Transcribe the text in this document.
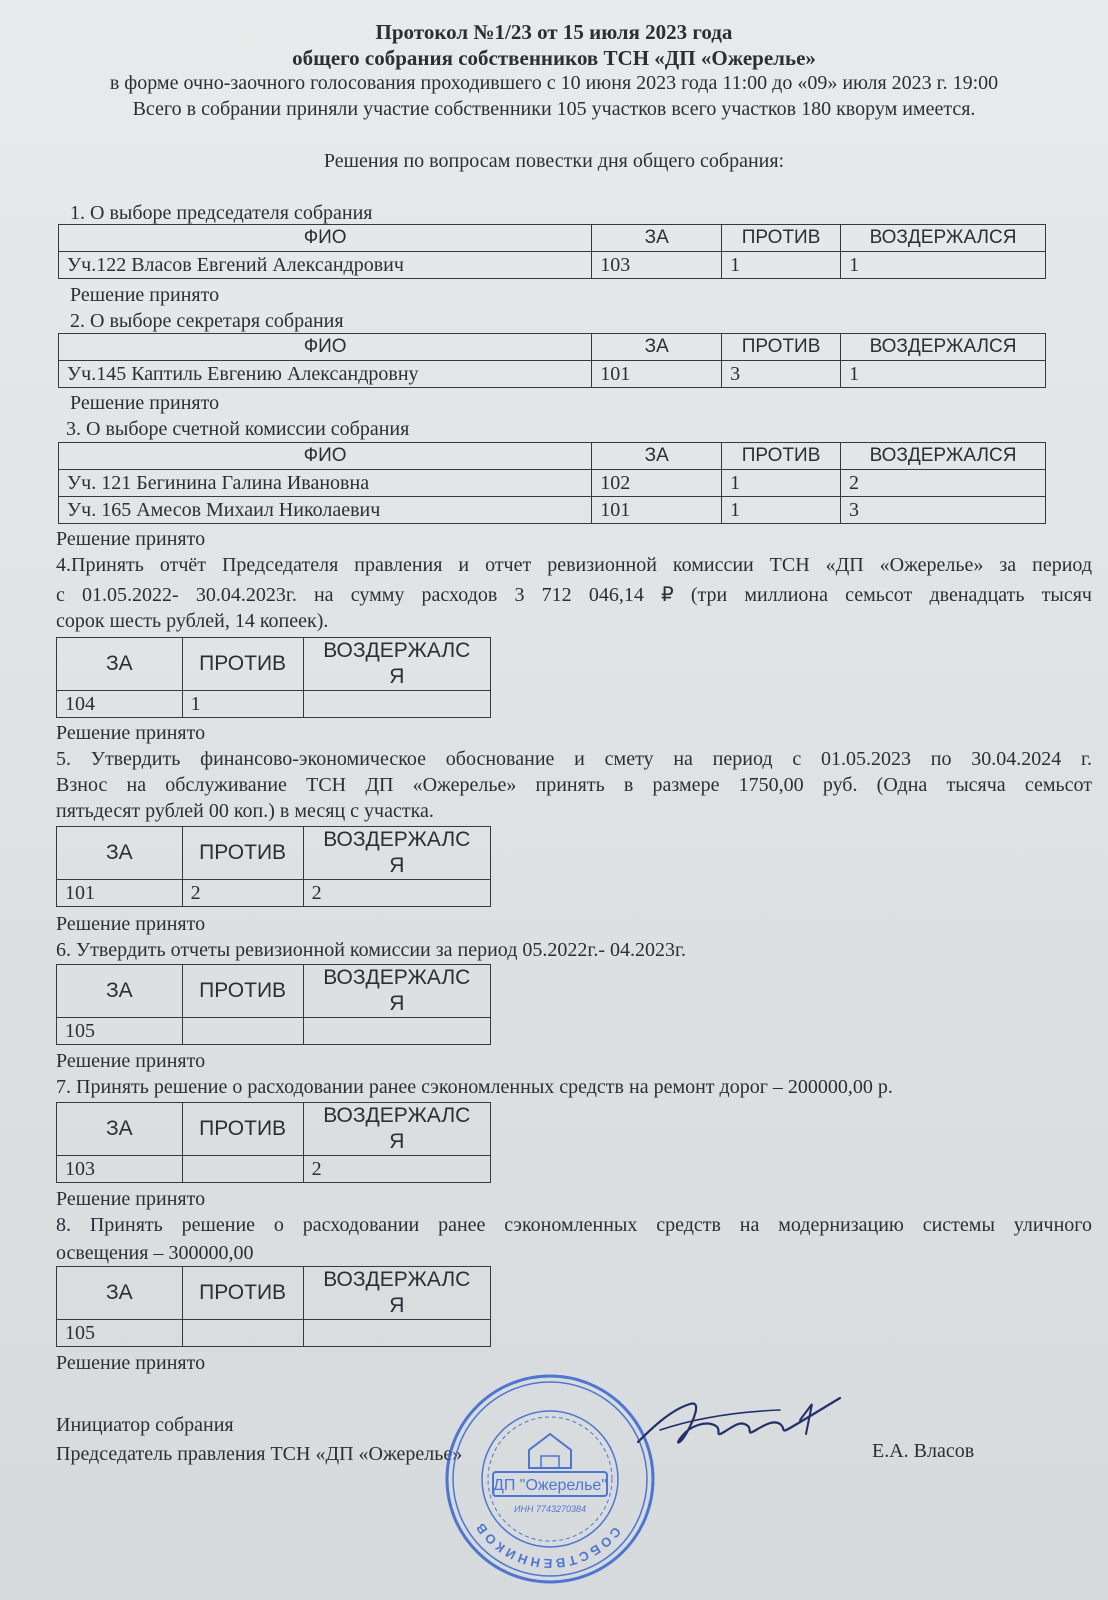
Протокол №1/23 от 15 июля 2023 года
общего собрания собственников ТСН «ДП «Ожерелье»
в форме очно-заочного голосования проходившего с 10 июня 2023 года 11:00 до «09» июля 2023 г. 19:00
Всего в собрании приняли участие собственники 105 участков всего участков 180 кворум имеется.
Решения по вопросам повестки дня общего собрания:
1. О выборе председателя собрания
ФИО	ЗА	ПРОТИВ	ВОЗДЕРЖАЛСЯ
Уч.122 Власов Евгений Александрович	103	1	1
Решение принято
2. О выборе секретаря собрания
ФИО	ЗА	ПРОТИВ	ВОЗДЕРЖАЛСЯ
Уч.145 Каптиль Евгению Александровну	101	3	1
Решение принято
3. О выборе счетной комиссии собрания
ФИО	ЗА	ПРОТИВ	ВОЗДЕРЖАЛСЯ
Уч. 121 Бегинина Галина Ивановна	102	1	2
Уч. 165 Амесов Михаил Николаевич	101	1	3
Решение принято
4.Принять отчёт Председателя правления и отчет ревизионной комиссии ТСН «ДП «Ожерелье» за период
с 01.05.2022- 30.04.2023г. на сумму расходов 3 712 046,14 ₽ (три миллиона семьсот двенадцать тысяч
сорок шесть рублей, 14 копеек).
ЗА	ПРОТИВ	ВОЗДЕРЖАЛСЯ
104	1	
Решение принято
5. Утвердить финансово-экономическое обоснование и смету на период с 01.05.2023 по 30.04.2024 г.
Взнос на обслуживание ТСН ДП «Ожерелье» принять в размере 1750,00 руб. (Одна тысяча семьсот
пятьдесят рублей 00 коп.) в месяц с участка.
ЗА	ПРОТИВ	ВОЗДЕРЖАЛСЯ
101	2	2
Решение принято
6. Утвердить отчеты ревизионной комиссии за период 05.2022г.- 04.2023г.
ЗА	ПРОТИВ	ВОЗДЕРЖАЛСЯ
105		
Решение принято
7. Принять решение о расходовании ранее сэкономленных средств на ремонт дорог – 200000,00 р.
ЗА	ПРОТИВ	ВОЗДЕРЖАЛСЯ
103		2
Решение принято
8. Принять решение о расходовании ранее сэкономленных средств на модернизацию системы уличного
освещения – 300000,00
ЗА	ПРОТИВ	ВОЗДЕРЖАЛСЯ
105		
Решение принято
Инициатор собрания
Председатель правления ТСН «ДП «Ожерелье»	Е.А. Власов
СОБСТВЕННИКОВ
ДП "Ожерелье"
ИНН 7743270384
